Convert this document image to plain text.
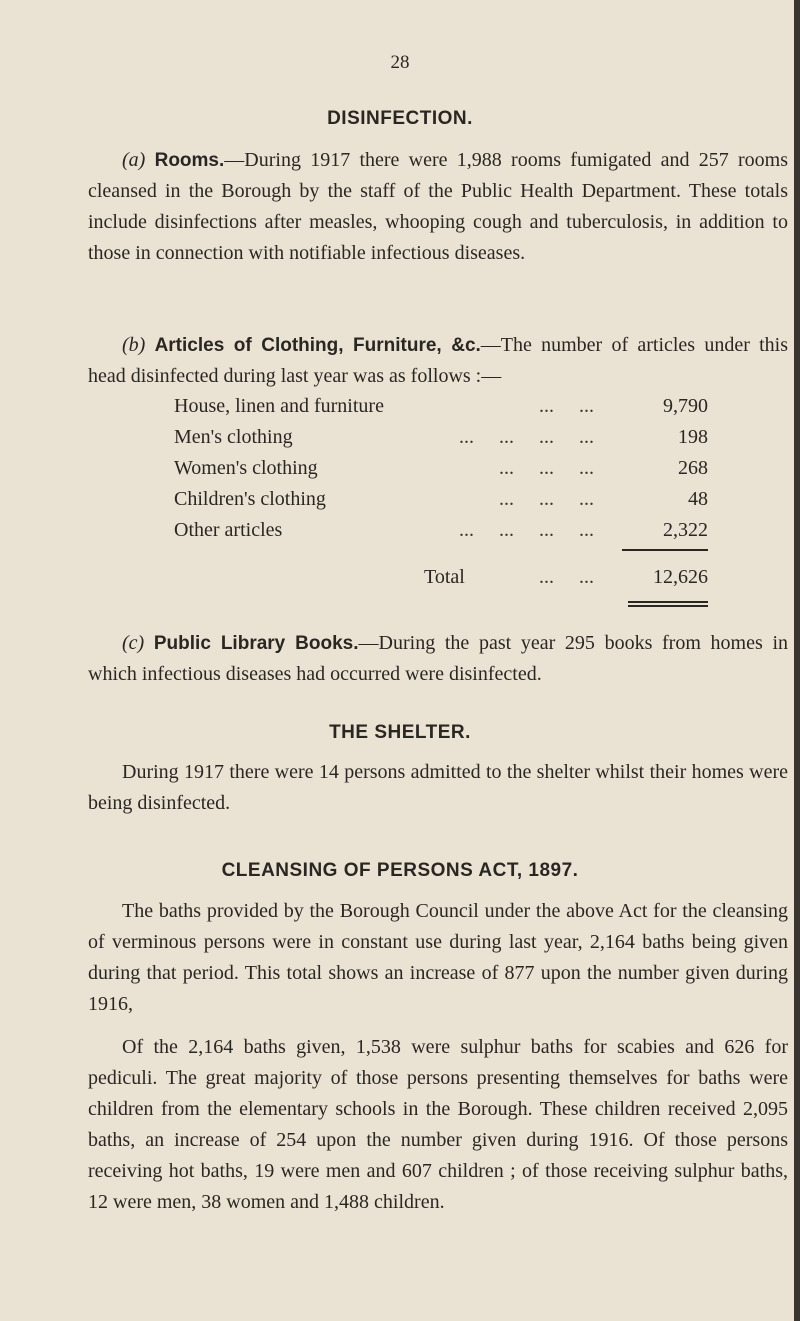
28
DISINFECTION.
(a) Rooms.—During 1917 there were 1,988 rooms fumigated and 257 rooms cleansed in the Borough by the staff of the Public Health Department. These totals include disinfections after measles, whooping cough and tuberculosis, in addition to those in connection with notifiable infectious diseases.
(b) Articles of Clothing, Furniture, &c.—The number of articles under this head disinfected during last year was as follows :—
House, linen and furniture	...     ...	9,790
Men's clothing	...     ...     ...     ...	198
Women's clothing	...     ...     ...	268
Children's clothing	...     ...     ...	48
Other articles	...     ...     ...     ...	2,322
Total	...     ...	12,626
(c) Public Library Books.—During the past year 295 books from homes in which infectious diseases had occurred were disinfected.
THE SHELTER.
During 1917 there were 14 persons admitted to the shelter whilst their homes were being disinfected.
CLEANSING OF PERSONS ACT, 1897.
The baths provided by the Borough Council under the above Act for the cleansing of verminous persons were in constant use during last year, 2,164 baths being given during that period. This total shows an increase of 877 upon the number given during 1916,
Of the 2,164 baths given, 1,538 were sulphur baths for scabies and 626 for pediculi. The great majority of those persons presenting themselves for baths were children from the elementary schools in the Borough. These children received 2,095 baths, an increase of 254 upon the number given during 1916. Of those persons receiving hot baths, 19 were men and 607 children ; of those receiving sulphur baths, 12 were men, 38 women and 1,488 children.
